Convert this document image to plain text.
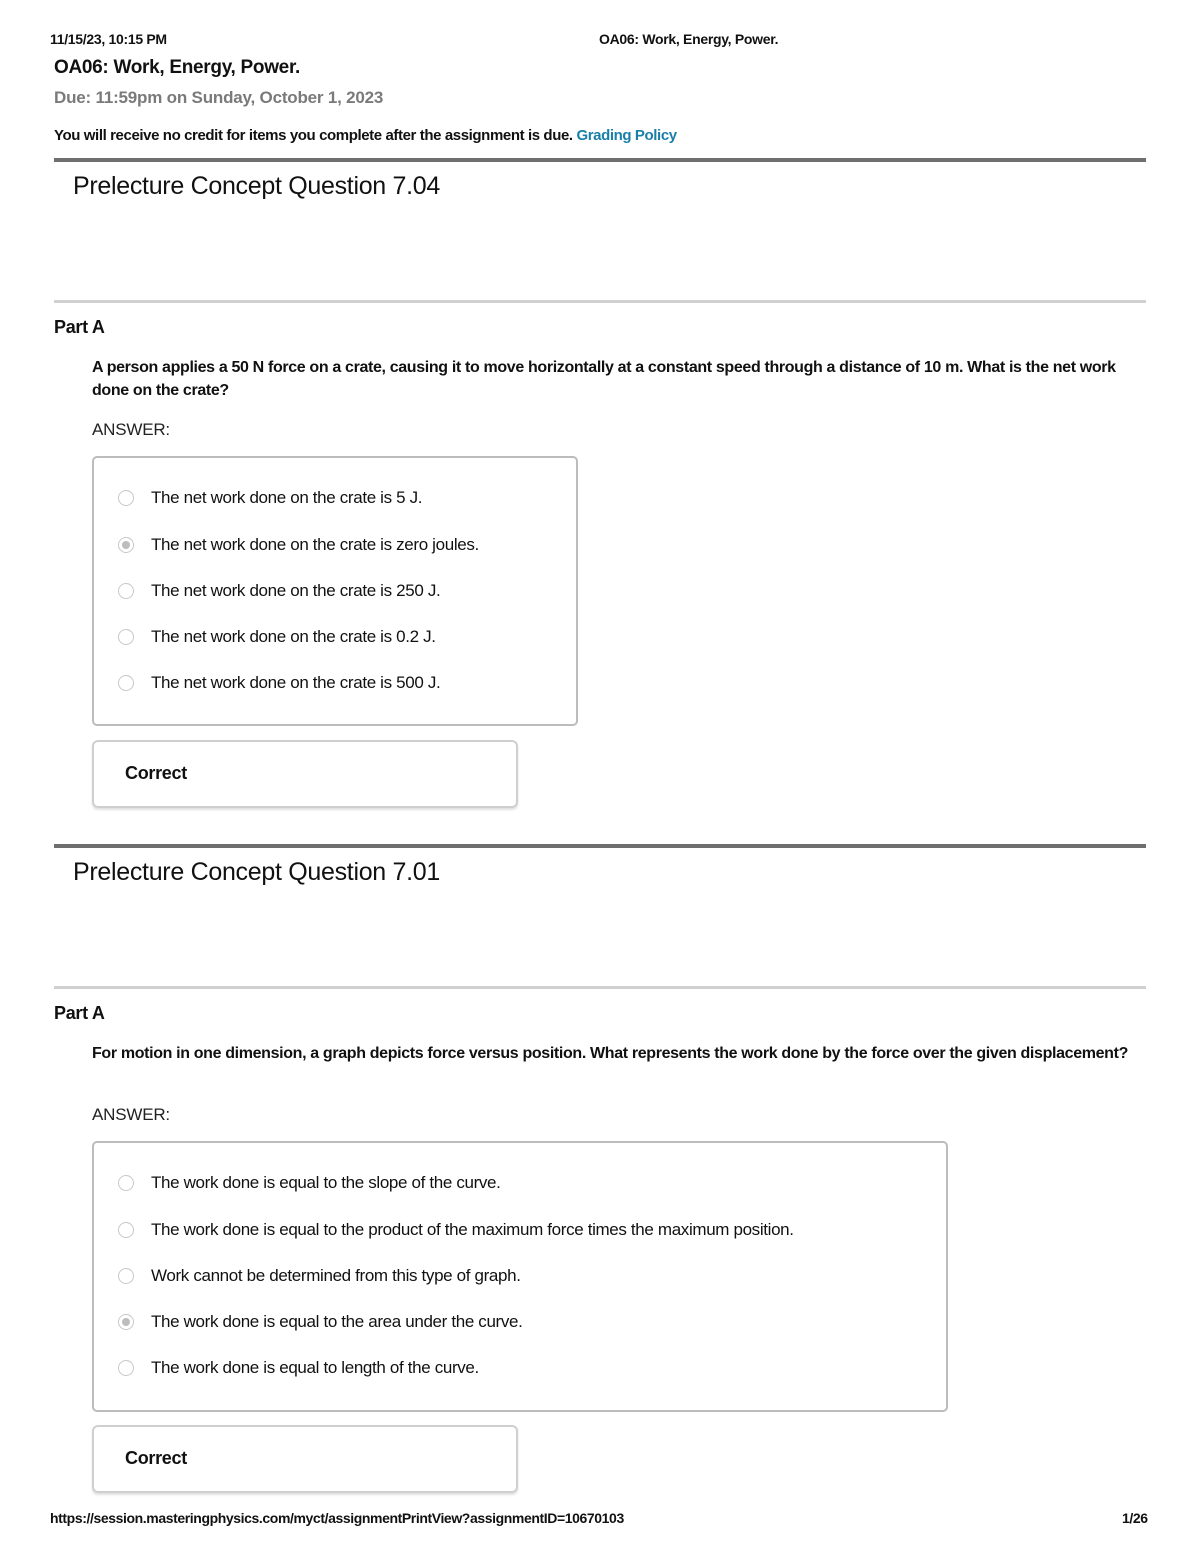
11/15/23, 10:15 PM	OA06: Work, Energy, Power.
OA06: Work, Energy, Power.
Due: 11:59pm on Sunday, October 1, 2023
You will receive no credit for items you complete after the assignment is due. Grading Policy
Prelecture Concept Question 7.04
Part A
A person applies a 50 N force on a crate, causing it to move horizontally at a constant speed through a distance of 10 m. What is the net work done on the crate?
ANSWER:
The net work done on the crate is 5 J.
The net work done on the crate is zero joules.
The net work done on the crate is 250 J.
The net work done on the crate is 0.2 J.
The net work done on the crate is 500 J.
Correct
Prelecture Concept Question 7.01
Part A
For motion in one dimension, a graph depicts force versus position. What represents the work done by the force over the given displacement?
ANSWER:
The work done is equal to the slope of the curve.
The work done is equal to the product of the maximum force times the maximum position.
Work cannot be determined from this type of graph.
The work done is equal to the area under the curve.
The work done is equal to length of the curve.
Correct
https://session.masteringphysics.com/myct/assignmentPrintView?assignmentID=10670103	1/26
